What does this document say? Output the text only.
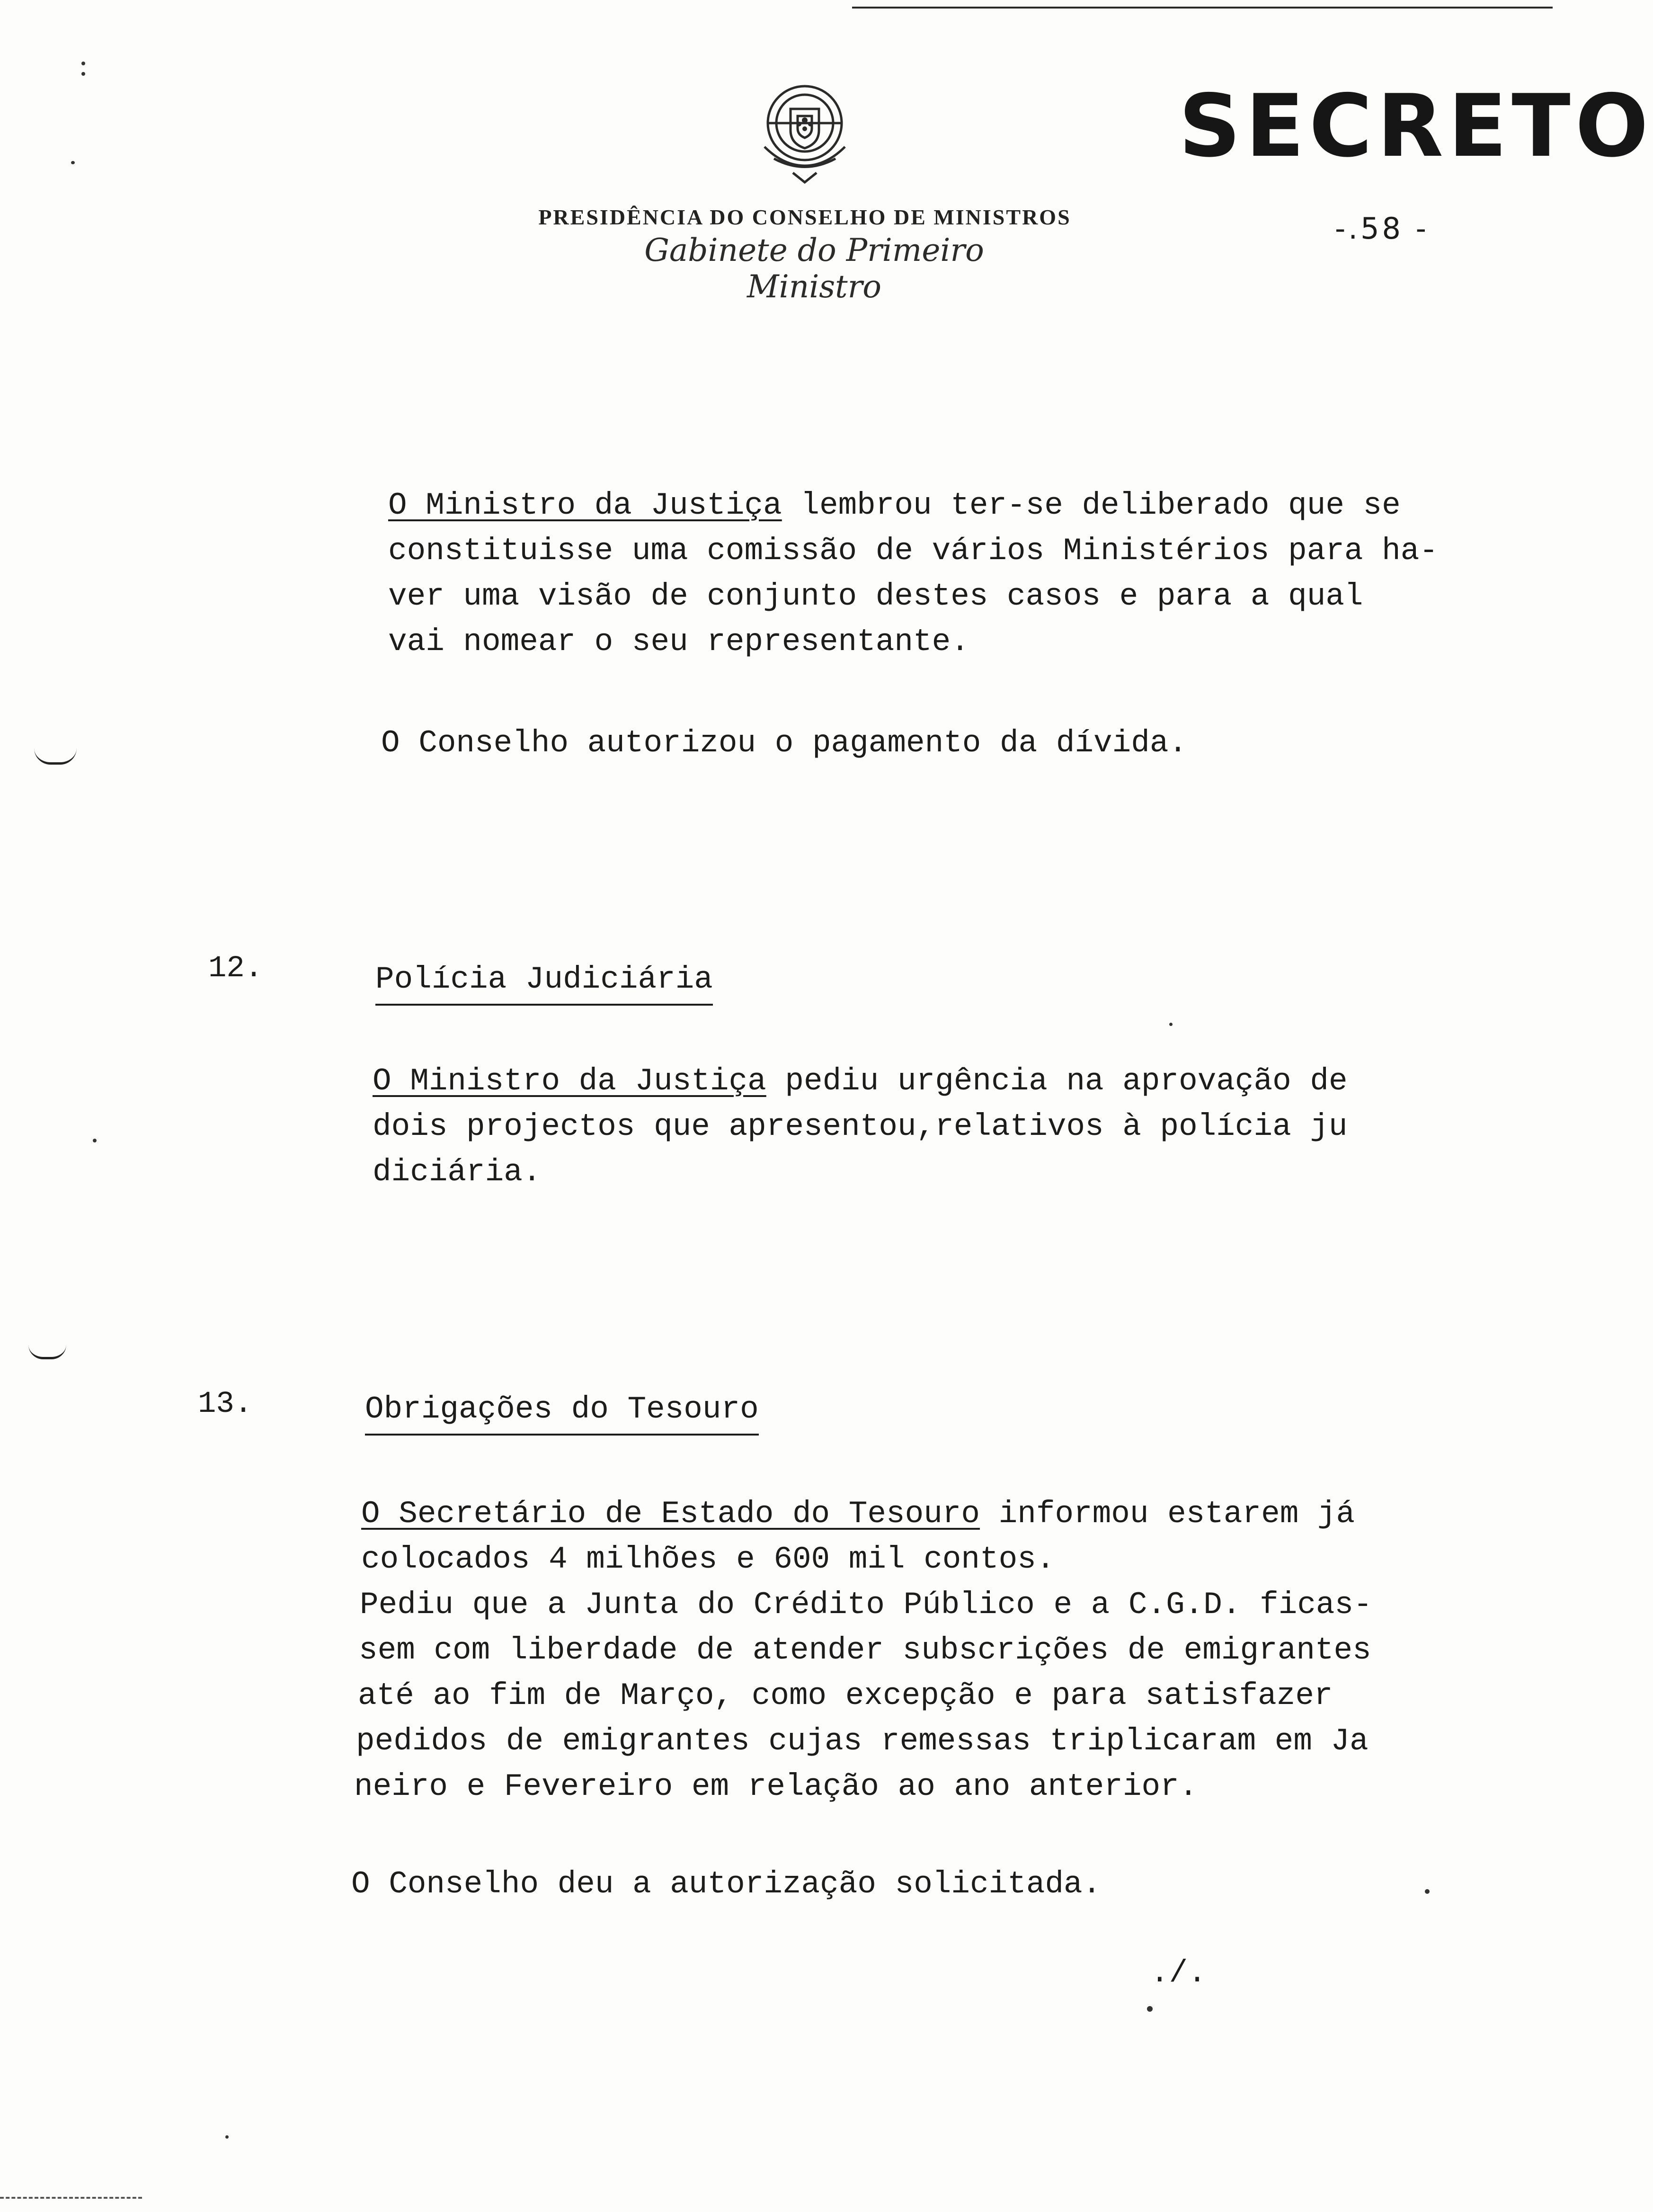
PRESIDÊNCIA DO CONSELHO DE MINISTROS
Gabinete do Primeiro Ministro
SECRETO
-.58 -
O Ministro da Justiça lembrou ter-se deliberado que se
constituisse uma comissão de vários Ministérios para ha-
ver uma visão de conjunto destes casos e para a qual
vai nomear o seu representante.
O Conselho autorizou o pagamento da dívida.
12.	Polícia Judiciária
O Ministro da Justiça pediu urgência na aprovação de
dois projectos que apresentou,relativos à polícia ju
diciária.
13.	Obrigações do Tesouro
O Secretário de Estado do Tesouro informou estarem já
colocados 4 milhões e 600 mil contos.
Pediu que a Junta do Crédito Público e a C.G.D. ficas-
sem com liberdade de atender subscrições de emigrantes
até ao fim de Março, como excepção e para satisfazer
pedidos de emigrantes cujas remessas triplicaram em Ja
neiro e Fevereiro em relação ao ano anterior.
O Conselho deu a autorização solicitada.
./.
